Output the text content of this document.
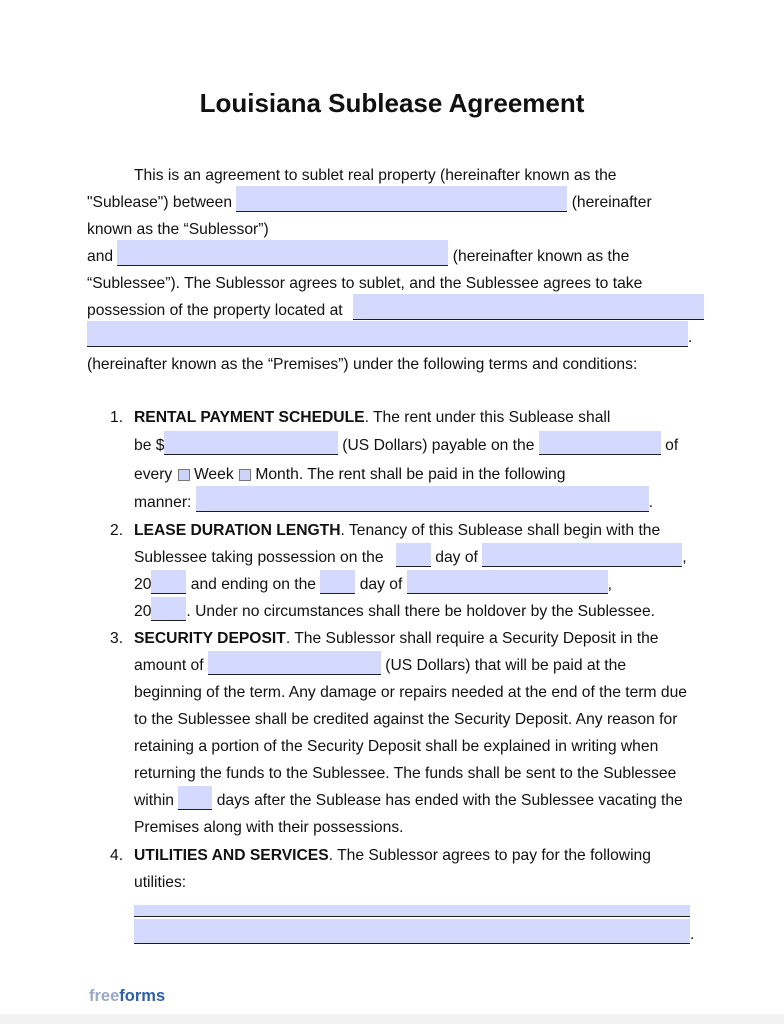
Louisiana Sublease Agreement
This is an agreement to sublet real property (hereinafter known as the
"Sublease") between	(hereinafter
known as the “Sublessor”)
and	(hereinafter known as the
“Sublessee”). The Sublessor agrees to sublet, and the Sublessee agrees to take
possession of the property located at
.
(hereinafter known as the “Premises”) under the following terms and conditions:
1. RENTAL PAYMENT SCHEDULE . The rent under this Sublease shall
be $	(US Dollars) payable on the	of
every Week Month . The rent shall be paid in the following
manner:	.
2. LEASE DURATION LENGTH . Tenancy of this Sublease shall begin with the
Sublessee taking possession on the	day of	,
20 and ending on the day of	,
20 . Under no circumstances shall there be holdover by the Sublessee.
3. SECURITY DEPOSIT . The Sublessor shall require a Security Deposit in the
amount of	(US Dollars) that will be paid at the
beginning of the term. Any damage or repairs needed at the end of the term due
to the Sublessee shall be credited against the Security Deposit. Any reason for
retaining a portion of the Security Deposit shall be explained in writing when
returning the funds to the Sublessee. The funds shall be sent to the Sublessee
within days after the Sublease has ended with the Sublessee vacating the
Premises along with their possessions.
4. UTILITIES AND SERVICES . The Sublessor agrees to pay for the following
utilities:
.
free forms
